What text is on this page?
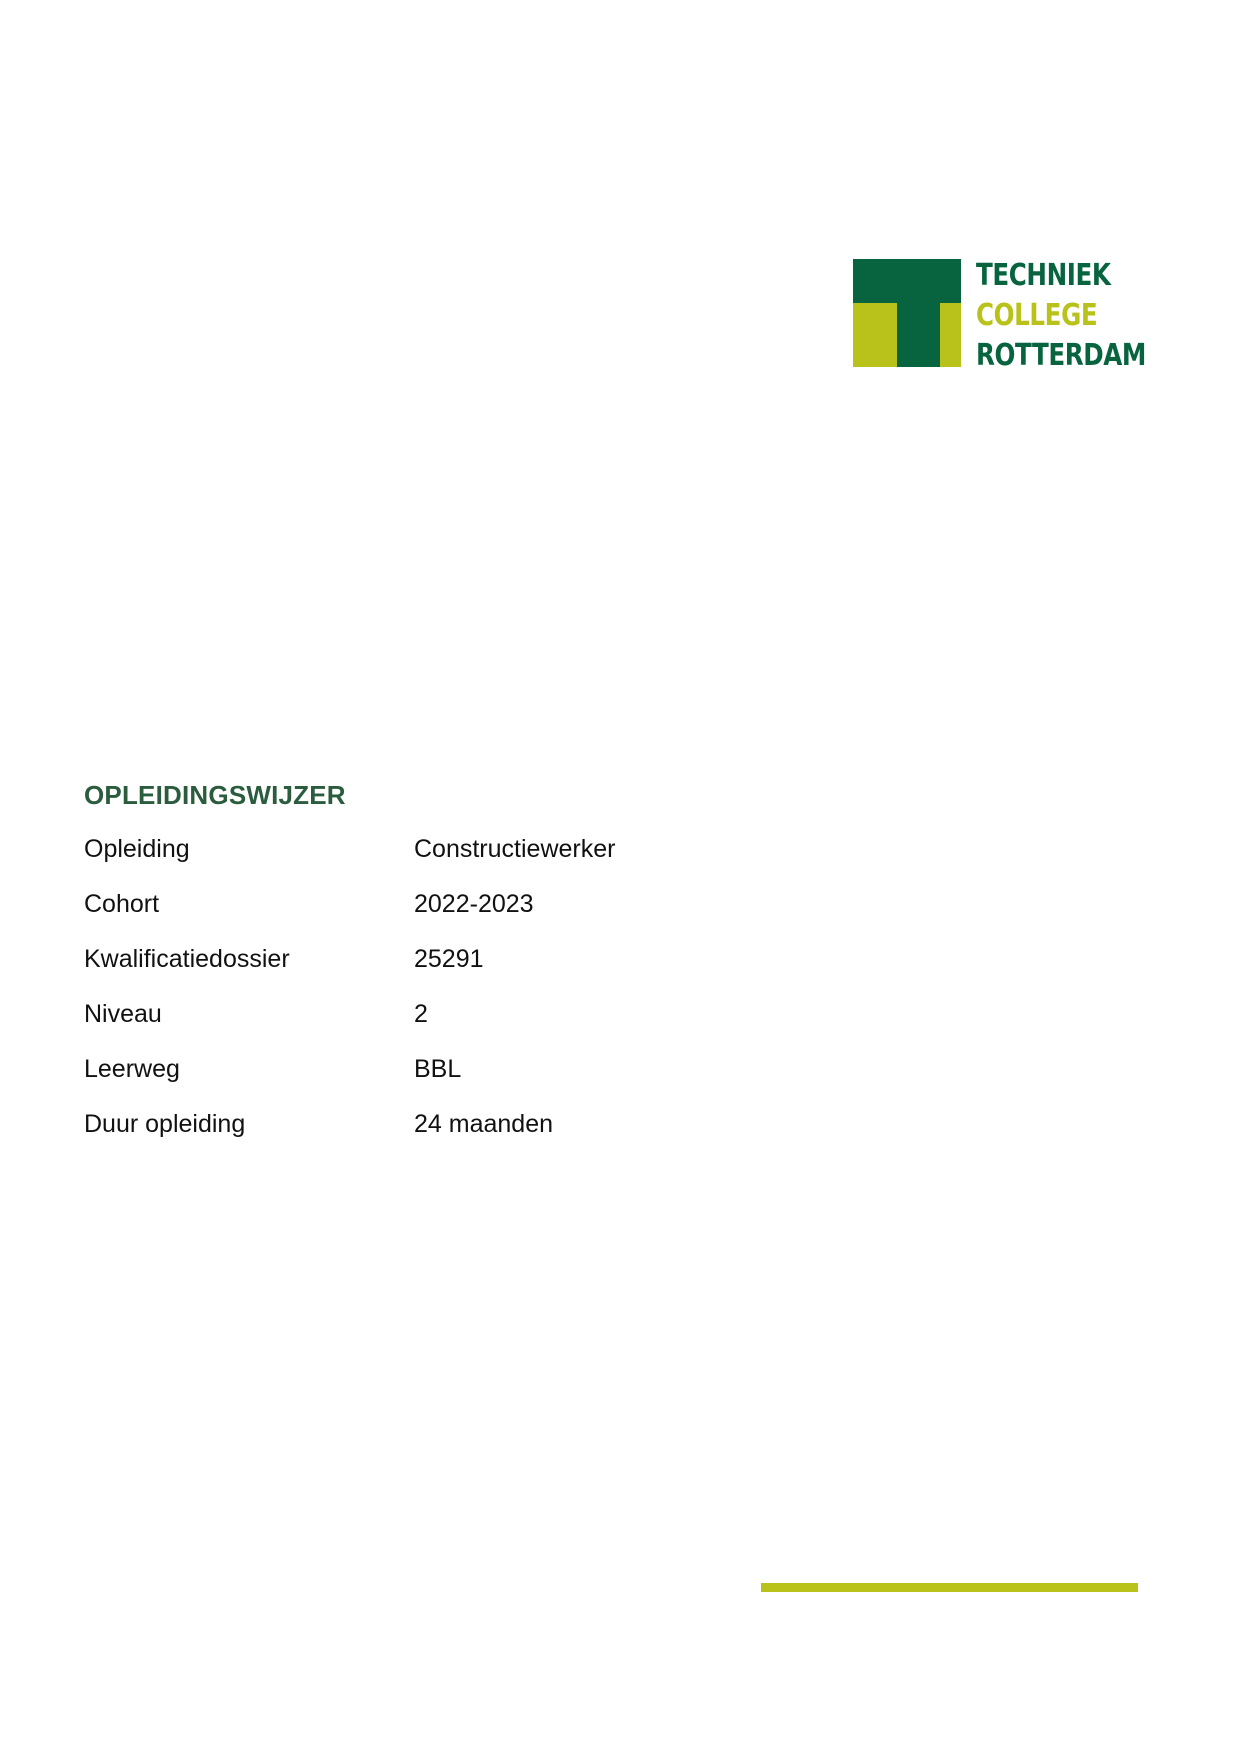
TECHNIEK
COLLEGE
ROTTERDAM
OPLEIDINGSWIJZER
Opleiding	Constructiewerker
Cohort	2022-2023
Kwalificatiedossier	25291
Niveau	2
Leerweg	BBL
Duur opleiding	24 maanden
